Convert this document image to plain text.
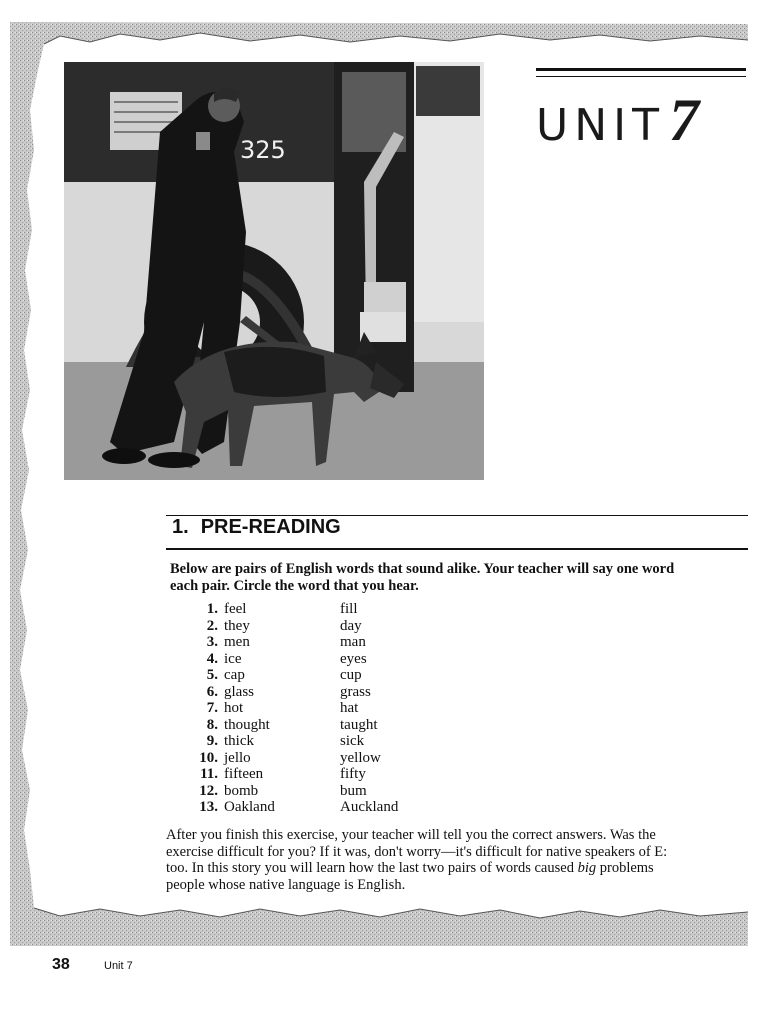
325	UNIT7
1. PRE-READING
Below are pairs of English words that sound alike. Your teacher will say one word
each pair. Circle the word that you hear.
1. feel	fill
2. they	day
3. men	man
4. ice	eyes
5. cap	cup
6. glass	grass
7. hot	hat
8. thought	taught
9. thick	sick
10. jello	yellow
11. fifteen	fifty
12. bomb	bum
13. Oakland	Auckland

After you finish this exercise, your teacher will tell you the correct answers. Was the

exercise difficult for you? If it was, don't worry—it's difficult for native speakers of E:

too. In this story you will learn how the last two pairs of words caused big problems

people whose native language is English.

38	Unit 7
